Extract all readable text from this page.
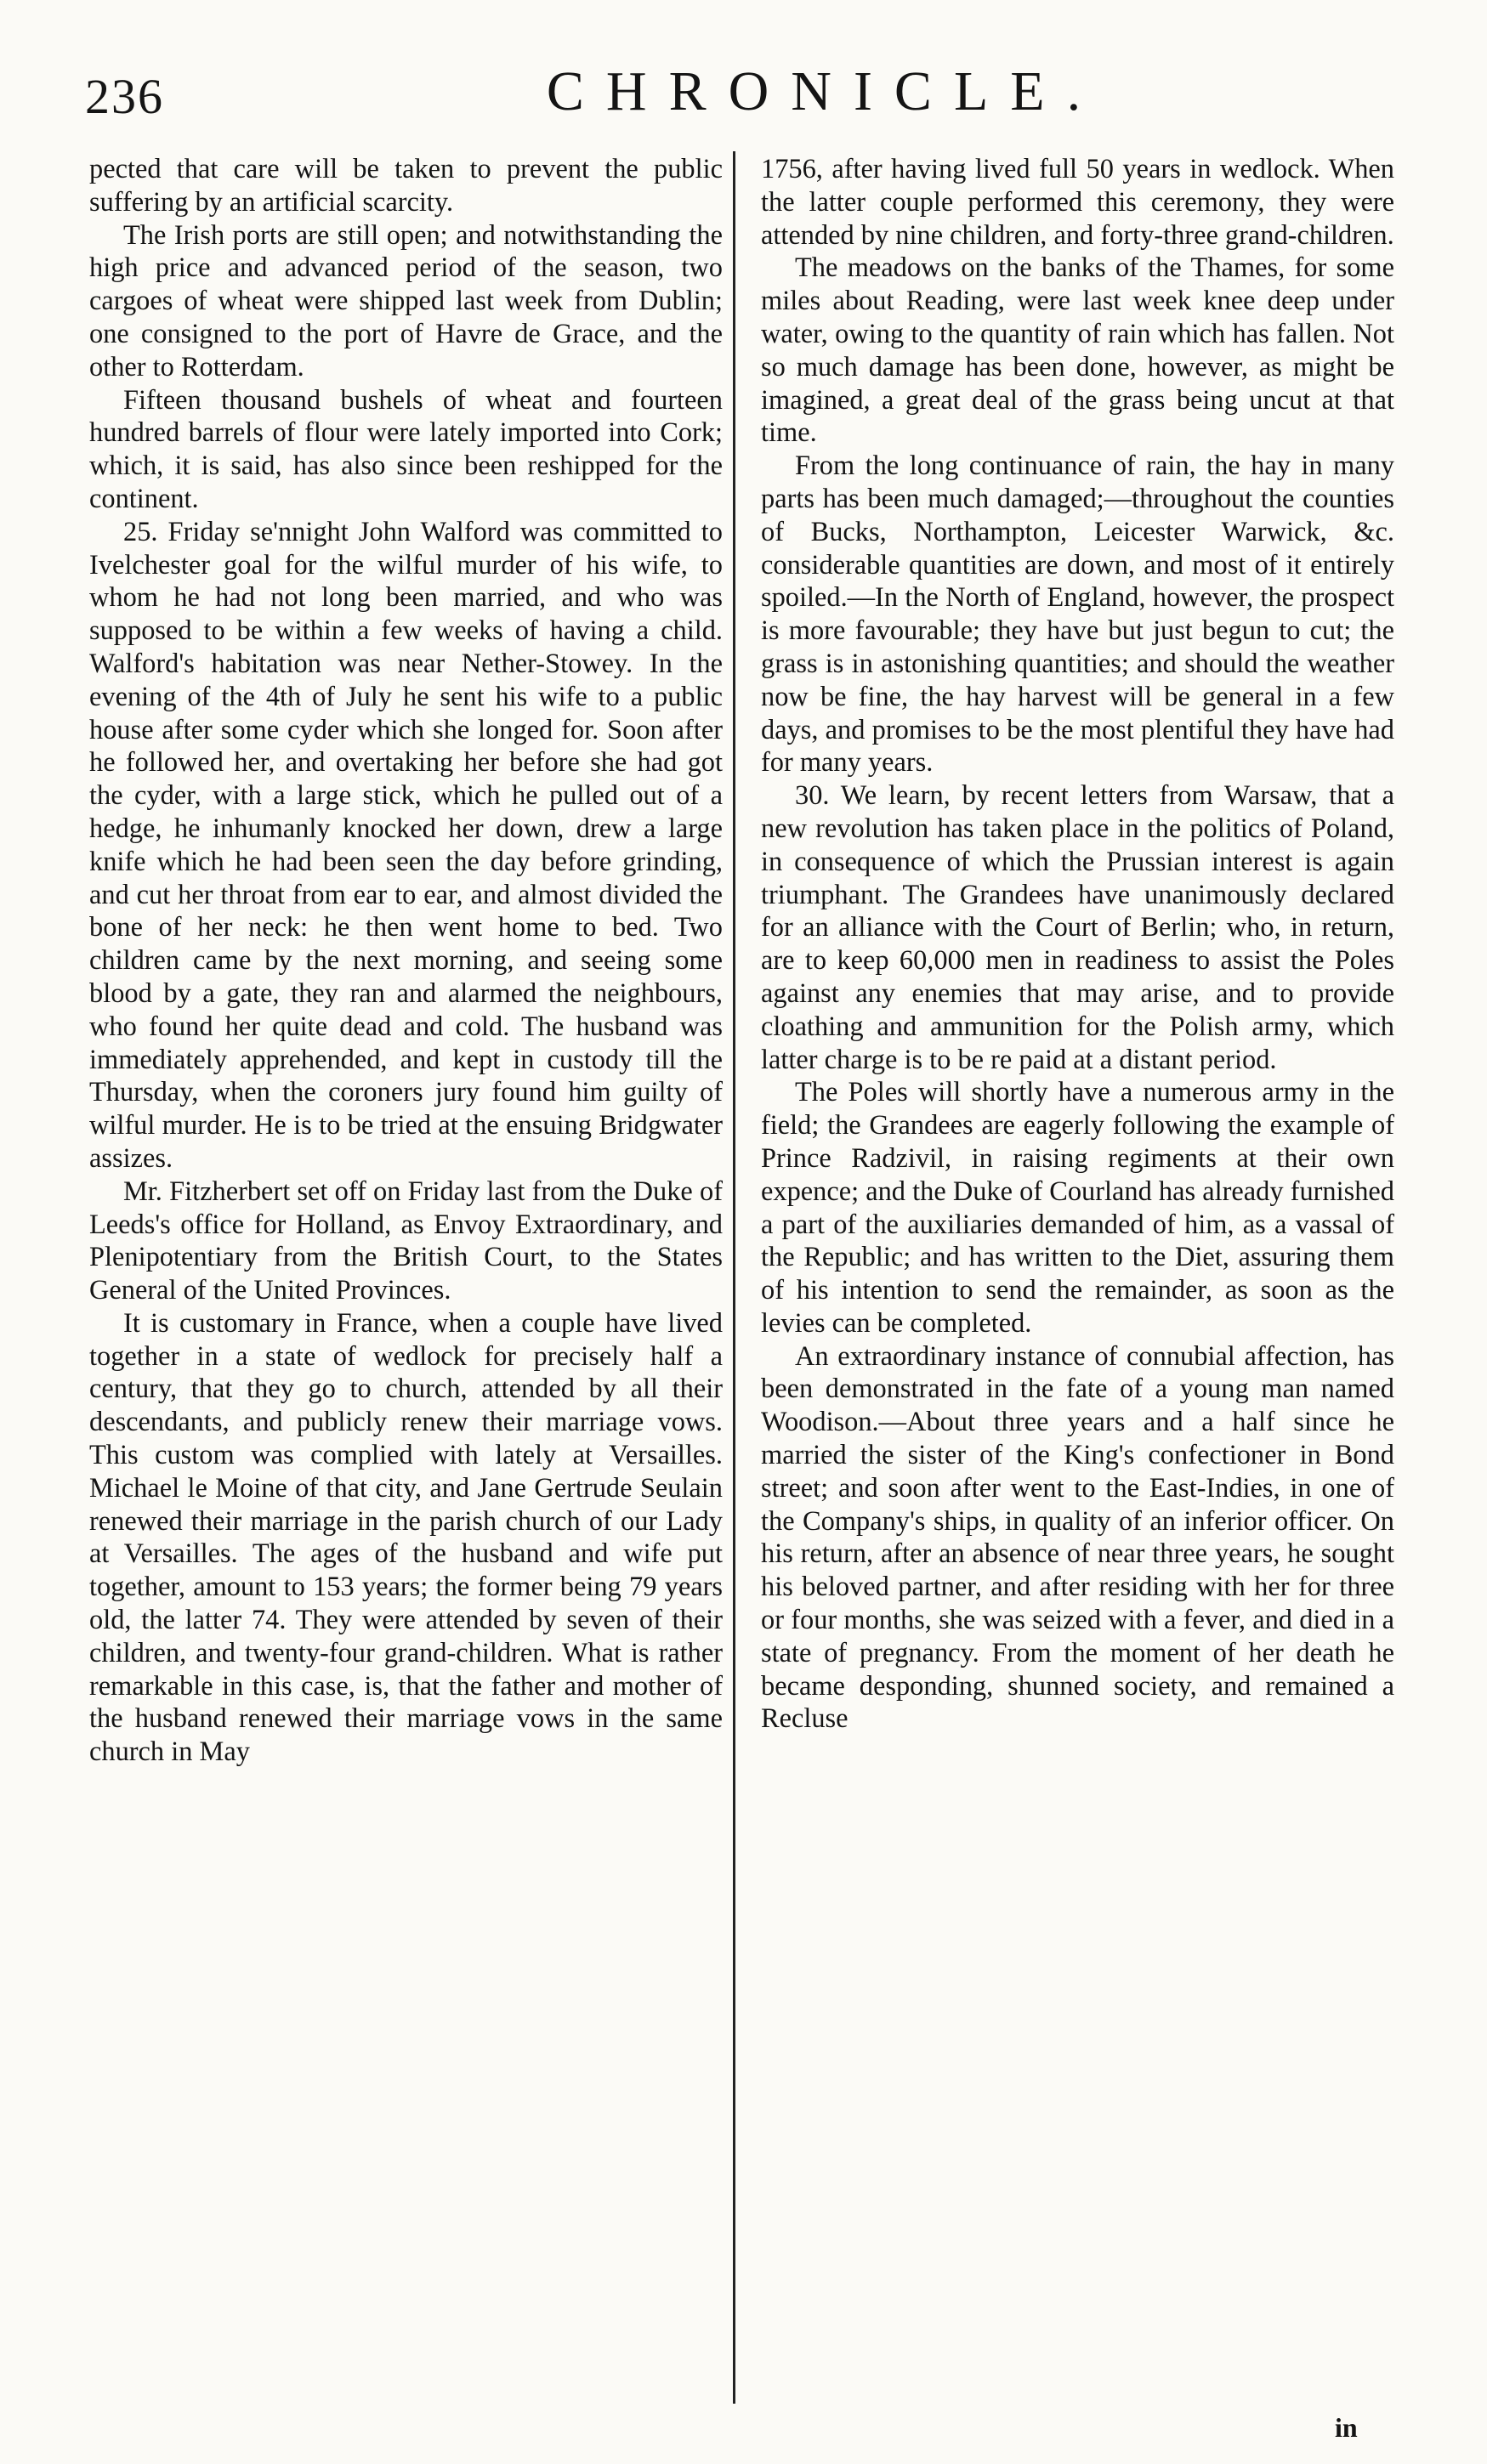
236	CHRONICLE.

pected that care will be taken to prevent the public suffering by an artificial scarcity.

The Irish ports are still open; and notwithstanding the high price and advanced period of the season, two cargoes of wheat were shipped last week from Dublin; one consigned to the port of Havre de Grace, and the other to Rotterdam.

Fifteen thousand bushels of wheat and fourteen hundred barrels of flour were lately imported into Cork; which, it is said, has also since been reshipped for the continent.

25. Friday se'nnight John Walford was committed to Ivelchester goal for the wilful murder of his wife, to whom he had not long been married, and who was supposed to be within a few weeks of having a child. Walford's habitation was near Nether-Stowey. In the evening of the 4th of July he sent his wife to a public house after some cyder which she longed for. Soon after he followed her, and overtaking her before she had got the cyder, with a large stick, which he pulled out of a hedge, he inhumanly knocked her down, drew a large knife which he had been seen the day before grinding, and cut her throat from ear to ear, and almost divided the bone of her neck: he then went home to bed. Two children came by the next morning, and seeing some blood by a gate, they ran and alarmed the neighbours, who found her quite dead and cold. The husband was immediately apprehended, and kept in custody till the Thursday, when the coroners jury found him guilty of wilful murder. He is to be tried at the ensuing Bridgwater assizes.

Mr. Fitzherbert set off on Friday last from the Duke of Leeds's office for Holland, as Envoy Extraordinary, and Plenipotentiary from the British Court, to the States General of the United Provinces.

It is customary in France, when a couple have lived together in a state of wedlock for precisely half a century, that they go to church, attended by all their descendants, and publicly renew their marriage vows. This custom was complied with lately at Versailles. Michael le Moine of that city, and Jane Gertrude Seulain renewed their marriage in the parish church of our Lady at Versailles. The ages of the husband and wife put together, amount to 153 years; the former being 79 years old, the latter 74. They were attended by seven of their children, and twenty-four grand-children. What is rather remarkable in this case, is, that the father and mother of the husband renewed their marriage vows in the same church in May

1756, after having lived full 50 years in wedlock. When the latter couple performed this ceremony, they were attended by nine children, and forty-three grand-children.

The meadows on the banks of the Thames, for some miles about Reading, were last week knee deep under water, owing to the quantity of rain which has fallen. Not so much damage has been done, however, as might be imagined, a great deal of the grass being uncut at that time.

From the long continuance of rain, the hay in many parts has been much damaged;—throughout the counties of Bucks, Northampton, Leicester Warwick, &c. considerable quantities are down, and most of it entirely spoiled.—In the North of England, however, the prospect is more favourable; they have but just begun to cut; the grass is in astonishing quantities; and should the weather now be fine, the hay harvest will be general in a few days, and promises to be the most plentiful they have had for many years.

30. We learn, by recent letters from Warsaw, that a new revolution has taken place in the politics of Poland, in consequence of which the Prussian interest is again triumphant. The Grandees have unanimously declared for an alliance with the Court of Berlin; who, in return, are to keep 60,000 men in readiness to assist the Poles against any enemies that may arise, and to provide cloathing and ammunition for the Polish army, which latter charge is to be re paid at a distant period.

The Poles will shortly have a numerous army in the field; the Grandees are eagerly following the example of Prince Radzivil, in raising regiments at their own expence; and the Duke of Courland has already furnished a part of the auxiliaries demanded of him, as a vassal of the Republic; and has written to the Diet, assuring them of his intention to send the remainder, as soon as the levies can be completed.

An extraordinary instance of connubial affection, has been demonstrated in the fate of a young man named Woodison.—About three years and a half since he married the sister of the King's confectioner in Bond street; and soon after went to the East-Indies, in one of the Company's ships, in quality of an inferior officer. On his return, after an absence of near three years, he sought his beloved partner, and after residing with her for three or four months, she was seized with a fever, and died in a state of pregnancy. From the moment of her death he became desponding, shunned society, and remained a Recluse

in
